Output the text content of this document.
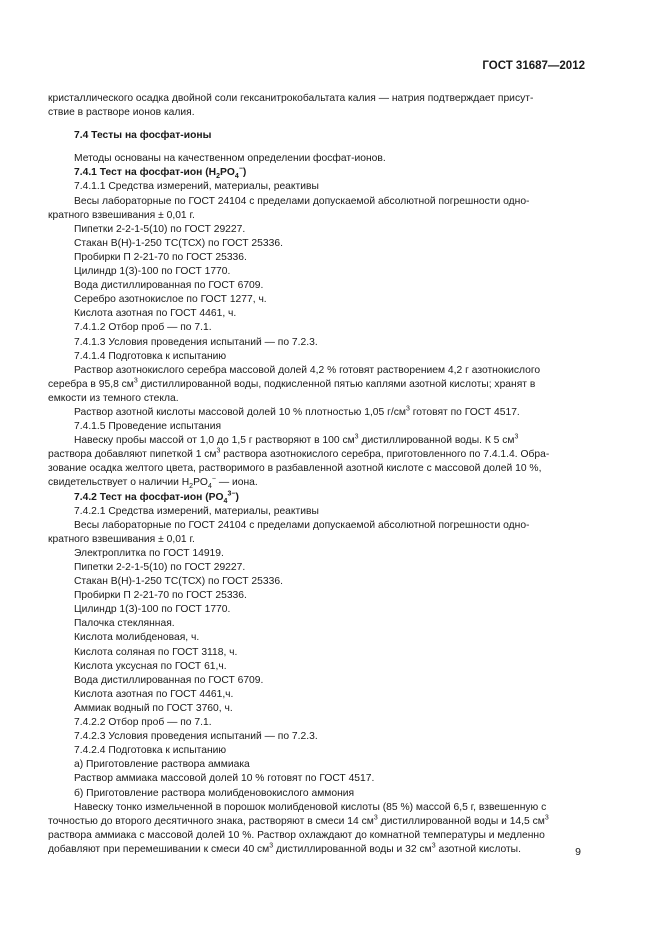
ГОСТ 31687—2012

кристаллического осадка двойной соли гексанитрокобальтата калия — натрия подтверждает присут-

ствие в растворе ионов калия.

7.4 Тесты на фосфат-ионы

Методы основаны на качественном определении фосфат-ионов.

7.4.1 Тест на фосфат-ион $(H_2PO_4^-)$

7.4.1.1 Средства измерений, материалы, реактивы

Весы лабораторные по ГОСТ 24104 с пределами допускаемой абсолютной погрешности одно-

кратного взвешивания ± 0,01 г.

Пипетки 2-2-1-5(10) по ГОСТ 29227.

Стакан В(Н)-1-250 ТС(ТСХ) по ГОСТ 25336.

Пробирки П 2-21-70 по ГОСТ 25336.

Цилиндр 1(3)-100 по ГОСТ 1770.

Вода дистиллированная по ГОСТ 6709.

Серебро азотнокислое по ГОСТ 1277, ч.

Кислота азотная по ГОСТ 4461, ч.

7.4.1.2 Отбор проб — по 7.1.

7.4.1.3 Условия проведения испытаний — по 7.2.3.

7.4.1.4 Подготовка к испытанию

Раствор азотнокислого серебра массовой долей 4,2 % готовят растворением 4,2 г азотнокислого

серебра в 95,8 $см^3$ дистиллированной воды, подкисленной пятью каплями азотной кислоты; хранят в

емкости из темного стекла.

Раствор азотной кислоты массовой долей 10 % плотностью 1,05 $г/см^3$ готовят по ГОСТ 4517.

7.4.1.5 Проведение испытания

Навеску пробы массой от 1,0 до 1,5 г растворяют в 100 $см^3$ дистиллированной воды. К 5 $см^3$

раствора добавляют пипеткой 1 $см^3$ раствора азотнокислого серебра, приготовленного по 7.4.1.4. Обра-

зование осадка желтого цвета, растворимого в разбавленной азотной кислоте с массовой долей 10 %,

свидетельствует о наличии $H_2PO_4^-$ — иона.

7.4.2 Тест на фосфат-ион $(PO_4^{3-})$

7.4.2.1 Средства измерений, материалы, реактивы

Весы лабораторные по ГОСТ 24104 с пределами допускаемой абсолютной погрешности одно-

кратного взвешивания ± 0,01 г.

Электроплитка по ГОСТ 14919.

Пипетки 2-2-1-5(10) по ГОСТ 29227.

Стакан В(Н)-1-250 ТС(ТСХ) по ГОСТ 25336.

Пробирки П 2-21-70 по ГОСТ 25336.

Цилиндр 1(3)-100 по ГОСТ 1770.

Палочка стеклянная.

Кислота молибденовая, ч.

Кислота соляная по ГОСТ 3118, ч.

Кислота уксусная по ГОСТ 61,ч.

Вода дистиллированная по ГОСТ 6709.

Кислота азотная по ГОСТ 4461,ч.

Аммиак водный по ГОСТ 3760, ч.

7.4.2.2 Отбор проб — по 7.1.

7.4.2.3 Условия проведения испытаний — по 7.2.3.

7.4.2.4 Подготовка к испытанию

а) Приготовление раствора аммиака

Раствор аммиака массовой долей 10 % готовят по ГОСТ 4517.

б) Приготовление раствора молибденовокислого аммония

Навеску тонко измельченной в порошок молибденовой кислоты (85 %) массой 6,5 г, взвешенную с

точностью до второго десятичного знака, растворяют в смеси 14 $см^3$ дистиллированной воды и 14,5 $см^3$

раствора аммиака с массовой долей 10 %. Раствор охлаждают до комнатной температуры и медленно

добавляют при перемешивании к смеси 40 $см^3$ дистиллированной воды и 32 $см^3$ азотной кислоты.	9
